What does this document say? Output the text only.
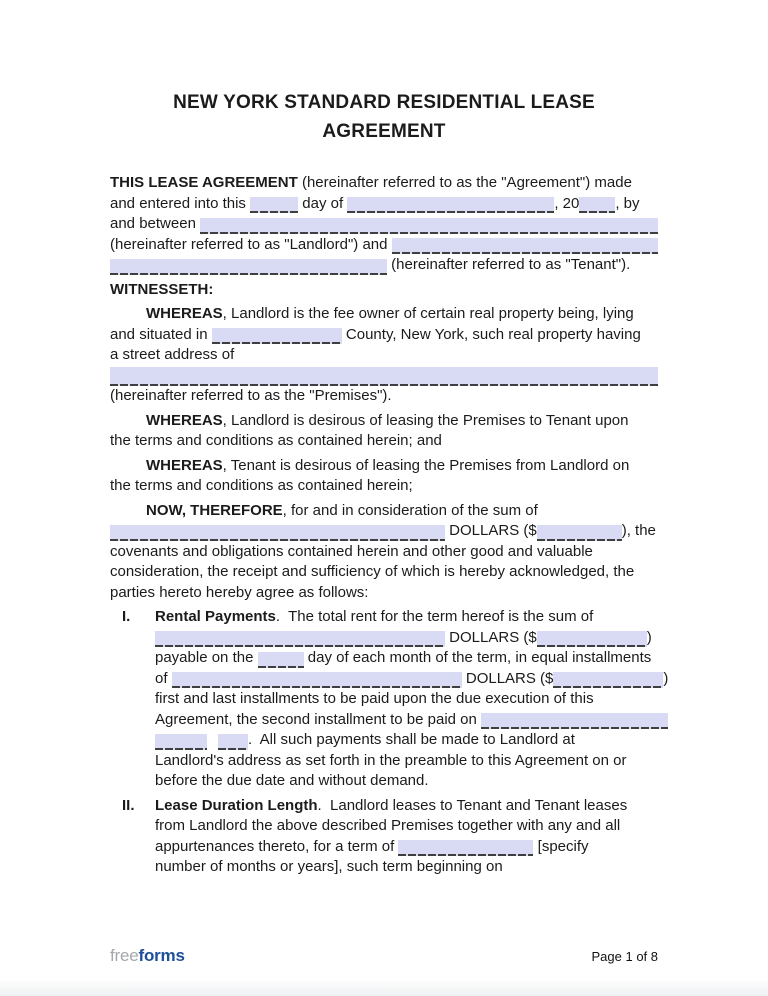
NEW YORK STANDARD RESIDENTIAL LEASE
AGREEMENT
THIS LEASE AGREEMENT (hereinafter referred to as the "Agreement") made
and entered into this	day of	, 20 , by
and between
(hereinafter referred to as "Landlord") and
(hereinafter referred to as "Tenant").
WITNESSETH:
WHEREAS , Landlord is the fee owner of certain real property being, lying
and situated in	County, New York, such real property having
a street address of
(hereinafter referred to as the "Premises").
WHEREAS , Landlord is desirous of leasing the Premises to Tenant upon
the terms and conditions as contained herein; and
WHEREAS , Tenant is desirous of leasing the Premises from Landlord on
the terms and conditions as contained herein;
NOW, THEREFORE , for and in consideration of the sum of
DOLLARS ($	), the
covenants and obligations contained herein and other good and valuable
consideration, the receipt and sufficiency of which is hereby acknowledged, the
parties hereto hereby agree as follows:
I.	Rental Payments .  The total rent for the term hereof is the sum of
DOLLARS ($	)
payable on the	day of each month of the term, in equal installments
of	DOLLARS ($	)
first and last installments to be paid upon the due execution of this
Agreement, the second installment to be paid on
.  All such payments shall be made to Landlord at
Landlord's address as set forth in the preamble to this Agreement on or
before the due date and without demand.
II.	Lease Duration Length .  Landlord leases to Tenant and Tenant leases
from Landlord the above described Premises together with any and all
appurtenances thereto, for a term of	[specify
number of months or years], such term beginning on
freeforms	Page 1 of 8
